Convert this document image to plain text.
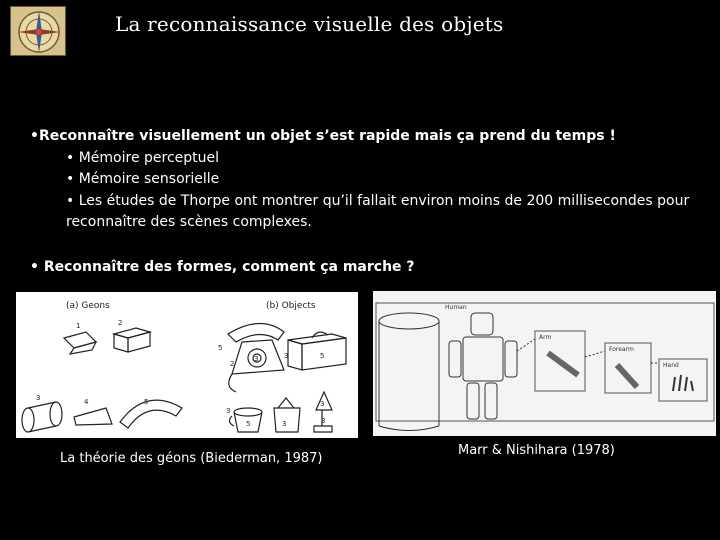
La reconnaissance visuelle des objets
•Reconnaître visuellement un objet s’est rapide mais ça prend du temps !
• Mémoire perceptuel
• Mémoire sensorielle
• Les études de Thorpe ont montrer qu’il fallait environ moins de 200 millisecondes pour reconnaître des scènes complexes.
• Reconnaître des formes, comment ça marche ?
(a) Geons	(b) Objects
1	2
3	4	5
5
3
2
3	5
3
5	3
3
3
Human
Arm
Forearm
Hand
La théorie des géons (Biederman, 1987)
Marr & Nishihara (1978)
